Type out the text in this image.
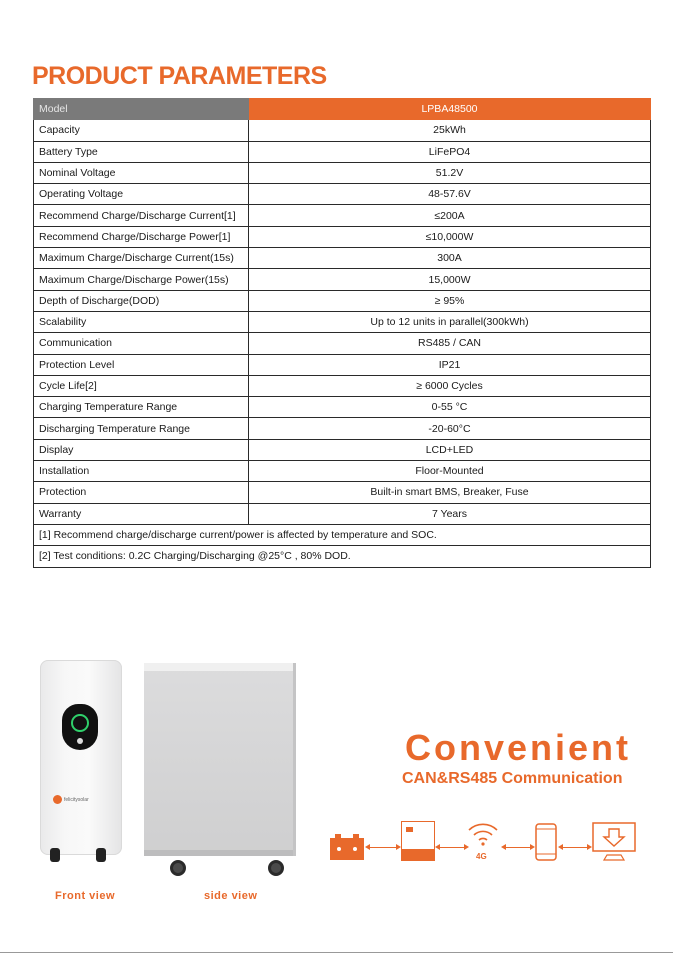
PRODUCT PARAMETERS
Model	LPBA48500
Capacity	25kWh
Battery Type	LiFePO4
Nominal Voltage	51.2V
Operating Voltage	48-57.6V
Recommend Charge/Discharge Current[1]	≤200A
Recommend Charge/Discharge Power[1]	≤10,000W
Maximum Charge/Discharge Current(15s)	300A
Maximum Charge/Discharge Power(15s)	15,000W
Depth of Discharge(DOD)	≥ 95%
Scalability	Up to 12 units in parallel(300kWh)
Communication	RS485 / CAN
Protection Level	IP21
Cycle Life[2]	≥ 6000 Cycles
Charging Temperature Range	0-55 °C
Discharging Temperature Range	-20-60°C
Display	LCD+LED
Installation	Floor-Mounted
Protection	Built-in smart BMS, Breaker, Fuse
Warranty	7 Years
[1] Recommend charge/discharge current/power is affected by temperature and SOC.	
[2] Test conditions: 0.2C Charging/Discharging @25°C , 80% DOD.	
felicitysolar
Front view	side view
Convenient
CAN&RS485 Communication
4G
